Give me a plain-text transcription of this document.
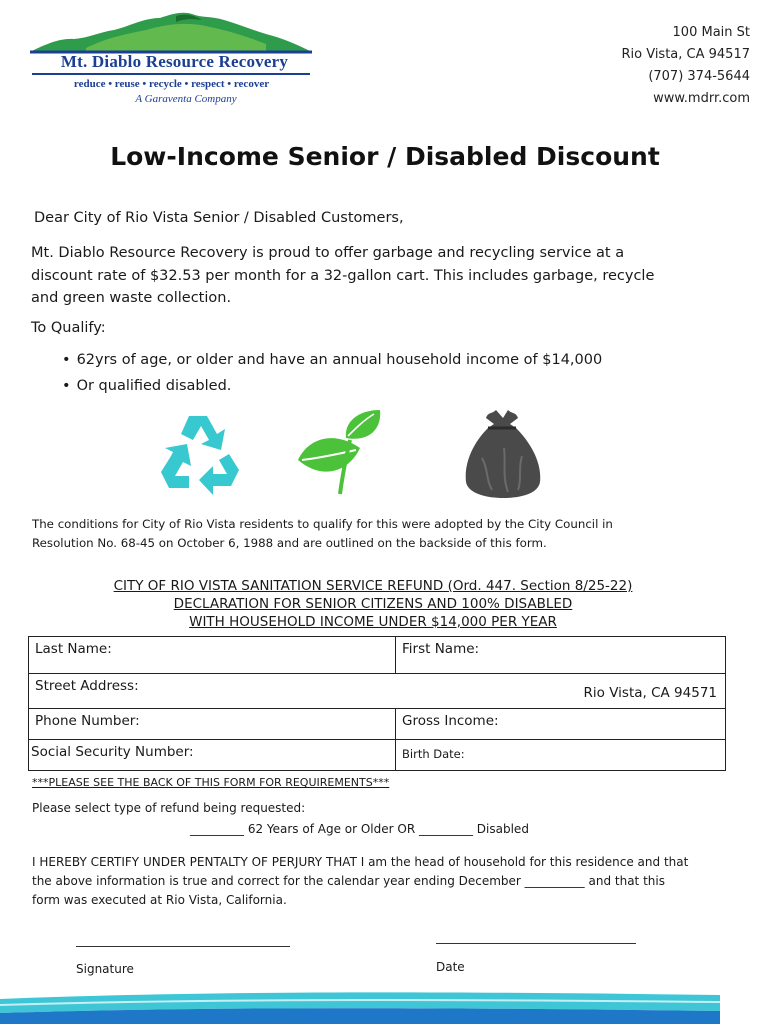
Mt. Diablo Resource Recovery
reduce • reuse • recycle • respect • recover
A Garaventa Company
100 Main St
Rio Vista, CA 94517
(707) 374-5644
www.mdrr.com
Low-Income Senior / Disabled Discount
Dear City of Rio Vista Senior / Disabled Customers,
Mt. Diablo Resource Recovery is proud to offer garbage and recycling service at a
discount rate of $32.53 per month for a 32-gallon cart. This includes garbage, recycle
and green waste collection.
To Qualify:
• 62yrs of age, or older and have an annual household income of $14,000
• Or qualified disabled.
The conditions for City of Rio Vista residents to qualify for this were adopted by the City Council in
Resolution No. 68-45 on October 6, 1988 and are outlined on the backside of this form.
CITY OF RIO VISTA SANITATION SERVICE REFUND (Ord. 447. Section 8/25-22)
DECLARATION FOR SENIOR CITIZENS AND 100% DISABLED
WITH HOUSEHOLD INCOME UNDER $14,000 PER YEAR
Last Name:	First Name:
Street Address:	Rio Vista, CA 94571
Phone Number:	Gross Income:
Social Security Number:	Birth Date:
***PLEASE SEE THE BACK OF THIS FORM FOR REQUIREMENTS***
Please select type of refund being requested:
_________ 62 Years of Age or Older OR _________ Disabled
I HEREBY CERTIFY UNDER PENTALTY OF PERJURY THAT I am the head of household for this residence and that
the above information is true and correct for the calendar year ending December __________ and that this
form was executed at Rio Vista, California.
Signature	Date
